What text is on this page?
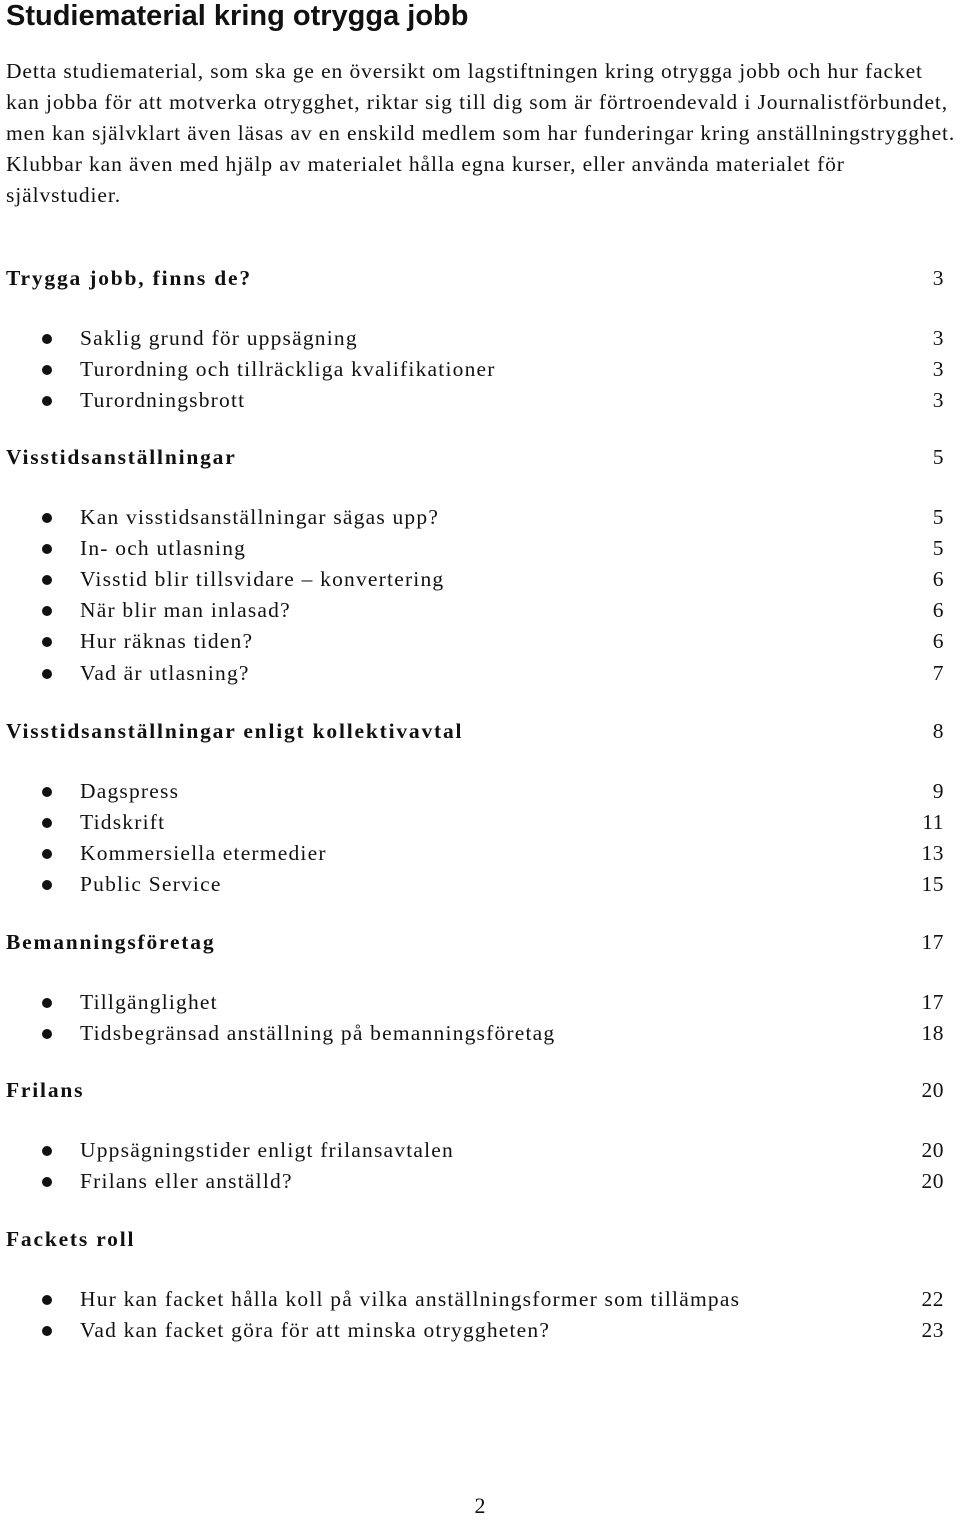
Studiematerial kring otrygga jobb

Detta studiematerial, som ska ge en översikt om lagstiftningen kring otrygga jobb och hur facket kan jobba för att motverka otrygghet, riktar sig till dig som är förtroendevald i Journalistförbundet, men kan självklart även läsas av en enskild medlem som har funderingar kring anställningstrygghet.

Klubbar kan även med hjälp av materialet hålla egna kurser, eller använda materialet för självstudier.

Trygga jobb, finns de?	3
Saklig grund för uppsägning	3
Turordning och tillräckliga kvalifikationer	3
Turordningsbrott	3
Visstidsanställningar	5
Kan visstidsanställningar sägas upp?	5
In- och utlasning	5
Visstid blir tillsvidare – konvertering	6
När blir man inlasad?	6
Hur räknas tiden?	6
Vad är utlasning?	7
Visstidsanställningar enligt kollektivavtal	8
Dagspress	9
Tidskrift	11
Kommersiella etermedier	13
Public Service	15
Bemanningsföretag	17
Tillgänglighet	17
Tidsbegränsad anställning på bemanningsföretag	18
Frilans	20
Uppsägningstider enligt frilansavtalen	20
Frilans eller anställd?	20
Fackets roll
Hur kan facket hålla koll på vilka anställningsformer som tillämpas	22
Vad kan facket göra för att minska otryggheten?	23
2
